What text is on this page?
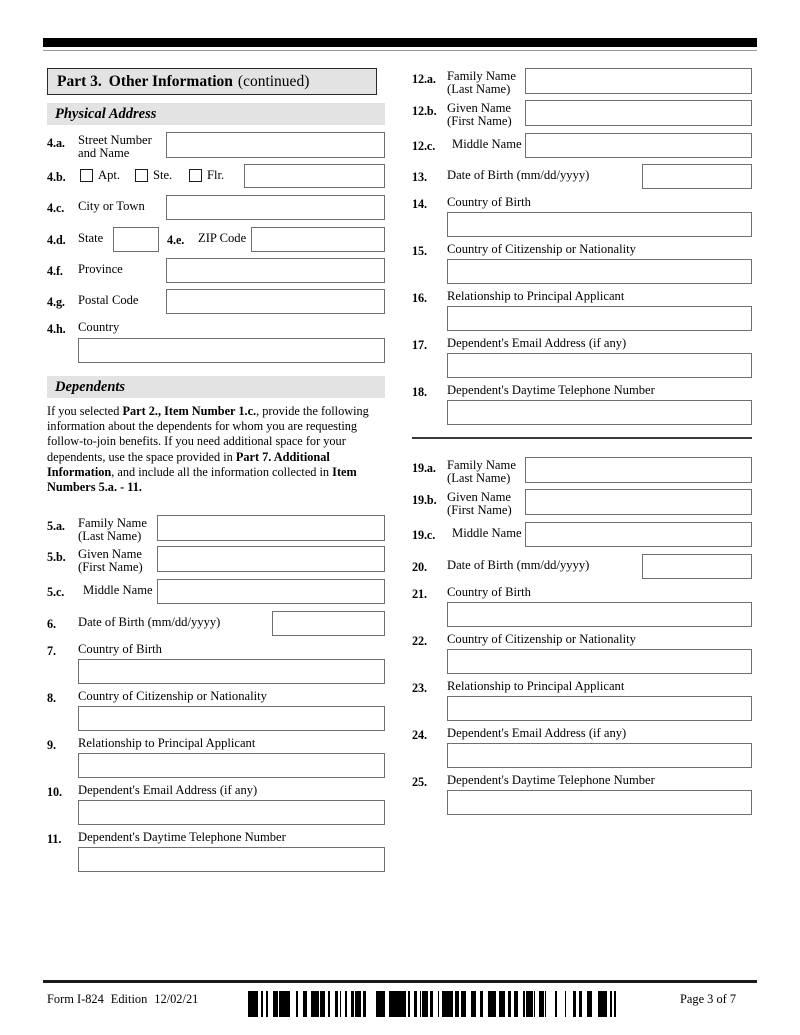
Part 3. Other Information (continued)
Physical Address
4.a. Street Number
and Name
4.b.	Apt.	Ste.	Flr.
4.c. City or Town
4.d. State	4.e. ZIP Code
4.f. Province
4.g. Postal Code
4.h. Country
Dependents
If you selected Part 2., Item Number 1.c., provide the following information about the dependents for whom you are requesting follow-to-join benefits. If you need additional space for your dependents, use the space provided in Part 7. Additional Information, and include all the information collected in Item Numbers 5.a. - 11.
5.a. Family Name
(Last Name)
5.b. Given Name
(First Name)
5.c. Middle Name
6. Date of Birth (mm/dd/yyyy)
7. Country of Birth
8. Country of Citizenship or Nationality
9. Relationship to Principal Applicant
10. Dependent's Email Address (if any)
11. Dependent's Daytime Telephone Number
12.a. Family Name
(Last Name)
12.b. Given Name
(First Name)
12.c. Middle Name
13. Date of Birth (mm/dd/yyyy)
14. Country of Birth
15. Country of Citizenship or Nationality
16. Relationship to Principal Applicant
17. Dependent's Email Address (if any)
18. Dependent's Daytime Telephone Number
19.a. Family Name
(Last Name)
19.b. Given Name
(First Name)
19.c. Middle Name
20. Date of Birth (mm/dd/yyyy)
21. Country of Birth
22. Country of Citizenship or Nationality
23. Relationship to Principal Applicant
24. Dependent's Email Address (if any)
25. Dependent's Daytime Telephone Number
Form I-824 Edition 12/02/21	Page 3 of 7
